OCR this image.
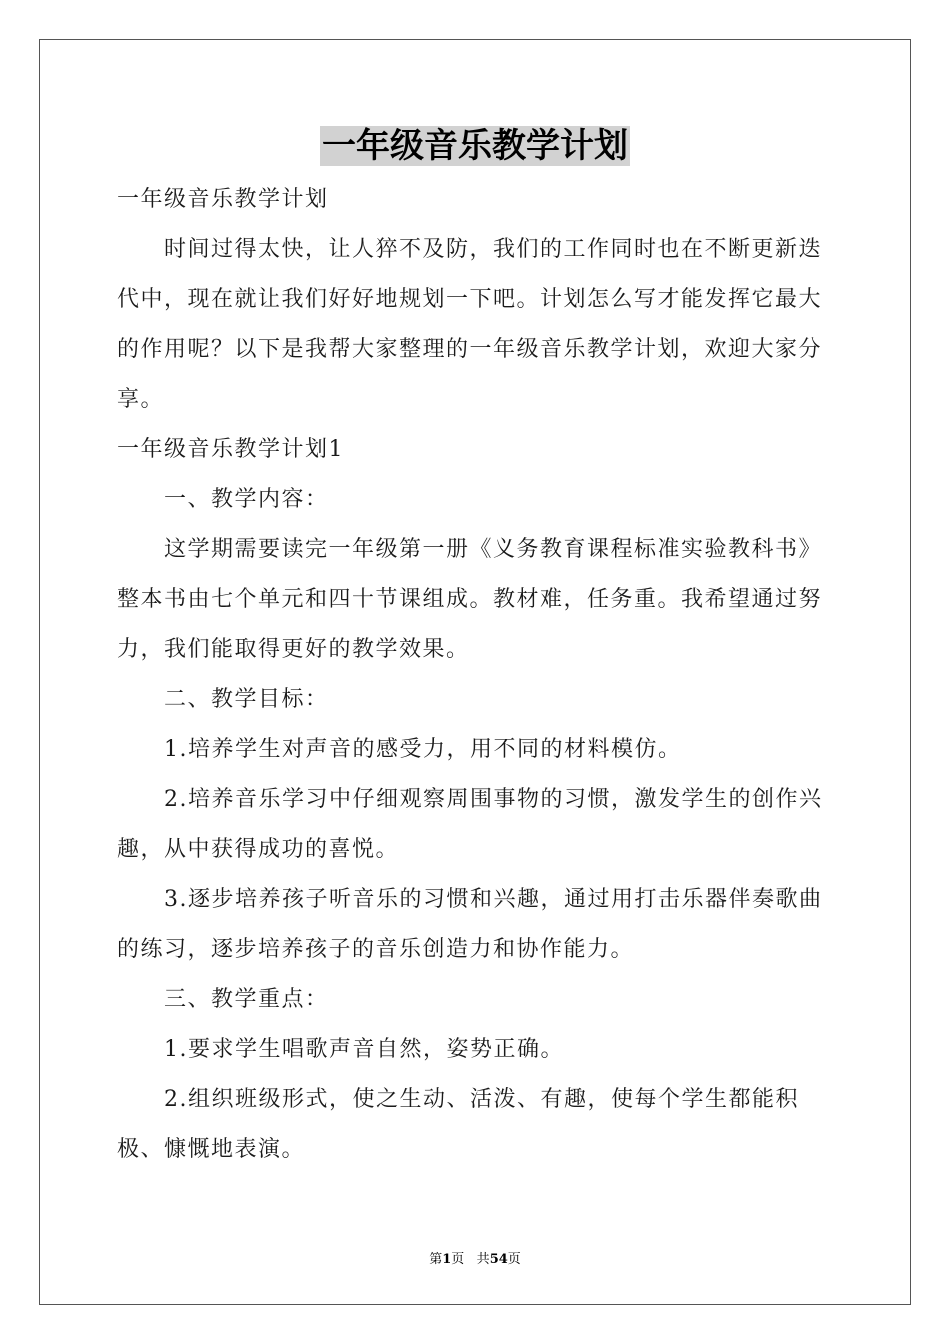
一年级音乐教学计划

一年级音乐教学计划

时间过得太快，让人猝不及防，我们的工作同时也在不断更新迭代中，现在就让我们好好地规划一下吧。计划怎么写才能发挥它最大的作用呢？以下是我帮大家整理的一年级音乐教学计划，欢迎大家分享。

一年级音乐教学计划1

一、教学内容：

这学期需要读完一年级第一册《义务教育课程标准实验教科书》整本书由七个单元和四十节课组成。教材难，任务重。我希望通过努力，我们能取得更好的教学效果。

二、教学目标：

1.培养学生对声音的感受力，用不同的材料模仿。

2.培养音乐学习中仔细观察周围事物的习惯，激发学生的创作兴趣，从中获得成功的喜悦。

3.逐步培养孩子听音乐的习惯和兴趣，通过用打击乐器伴奏歌曲的练习，逐步培养孩子的音乐创造力和协作能力。

三、教学重点：

1.要求学生唱歌声音自然，姿势正确。

2.组织班级形式，使之生动、活泼、有趣，使每个学生都能积极、慷慨地表演。

第1页 共54页
